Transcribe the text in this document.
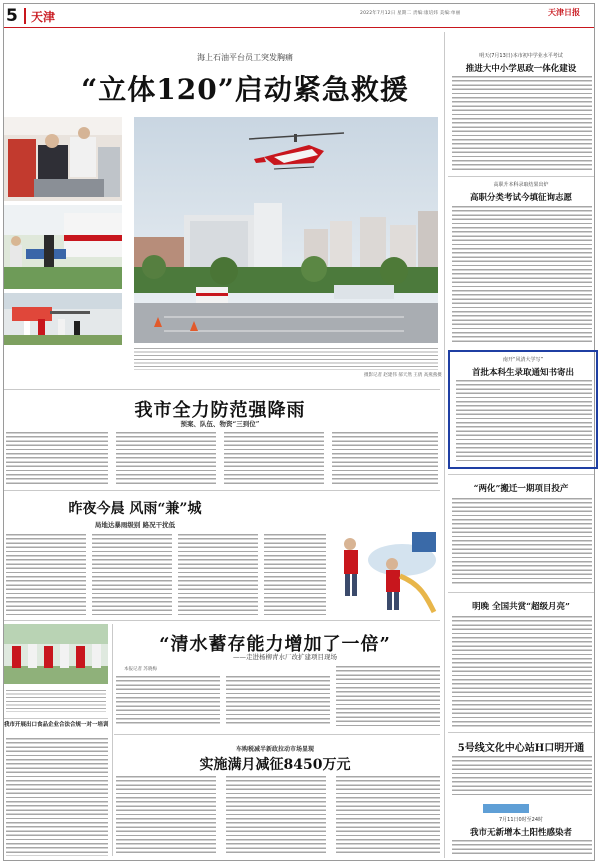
5 天津	2022年7月12日 星期二 责编:康培炜 美编:单丽	天津日报
海上石油平台员工突发胸痛
“立体120”启动紧急救援
摄影记者 赵建伟 郝天然 王倩 高燕燕摄
我市全力防范强降雨
预案、队伍、物资“三到位”
昨夜今晨 风雨“兼”城
局地达暴雨级别 路况干扰低
“清水蓄存能力增加了一倍”
——走进杨柳青水厂改扩建项目现场
本报记者 苏晓梅
我市开展出口食品企业合法合规一对一培训
车购税减半新政拉动市场显现
实施满月减征8450万元
明天(7月13日)本市初中学业水平考试
推进大中小学思政一体化建设
高职升本科录取结果出炉
高职分类考试今填征询志愿
南开“风清大学写”
首批本科生录取通知书寄出
“两化”搬迁一期项目投产
明晚 全国共赏“超级月亮”
5号线文化中心站H口明开通
7月11日0时至24时
我市无新增本土阳性感染者
